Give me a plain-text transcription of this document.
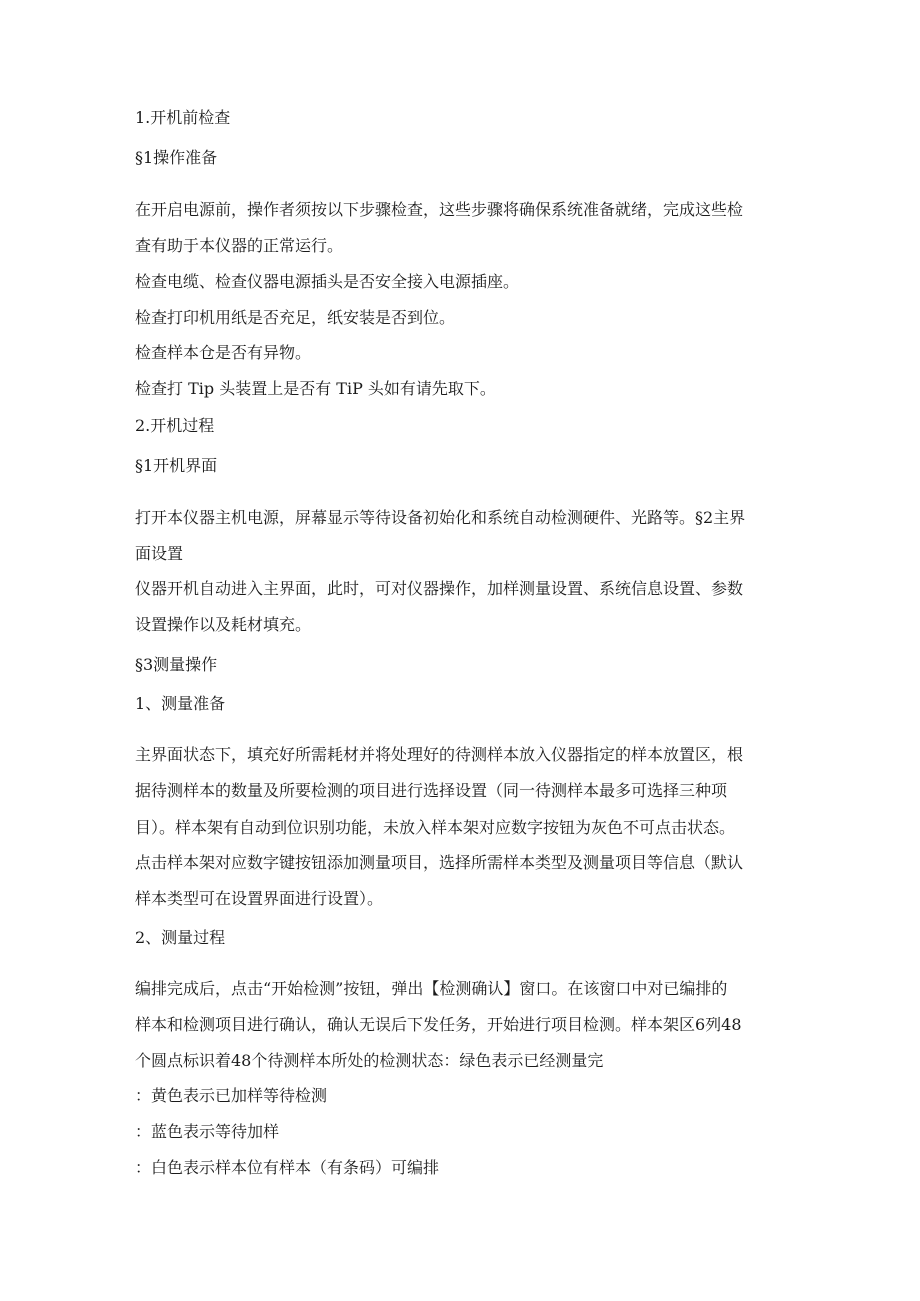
1.开机前检查
§1操作准备
在开启电源前，操作者须按以下步骤检查，这些步骤将确保系统准备就绪，完成这些检
查有助于本仪器的正常运行。
检查电缆、检查仪器电源插头是否安全接入电源插座。
检查打印机用纸是否充足，纸安装是否到位。
检查样本仓是否有异物。
检查打 Tip 头装置上是否有 TiP 头如有请先取下。
2.开机过程
§1开机界面
打开本仪器主机电源，屏幕显示等待设备初始化和系统自动检测硬件、光路等。§2主界
面设置
仪器开机自动进入主界面，此时，可对仪器操作，加样测量设置、系统信息设置、参数
设置操作以及耗材填充。
§3测量操作
1、测量准备
主界面状态下，填充好所需耗材并将处理好的待测样本放入仪器指定的样本放置区，根
据待测样本的数量及所要检测的项目进行选择设置（同一待测样本最多可选择三种项
目）。样本架有自动到位识别功能，未放入样本架对应数字按钮为灰色不可点击状态。
点击样本架对应数字键按钮添加测量项目，选择所需样本类型及测量项目等信息（默认
样本类型可在设置界面进行设置）。
2、测量过程
编排完成后，点击“开始检测”按钮，弹出【检测确认】窗口。在该窗口中对已编排的
样本和检测项目进行确认，确认无误后下发任务，开始进行项目检测。样本架区6列48
个圆点标识着48个待测样本所处的检测状态：绿色表示已经测量完
：黄色表示已加样等待检测
：蓝色表示等待加样
：白色表示样本位有样本（有条码）可编排
